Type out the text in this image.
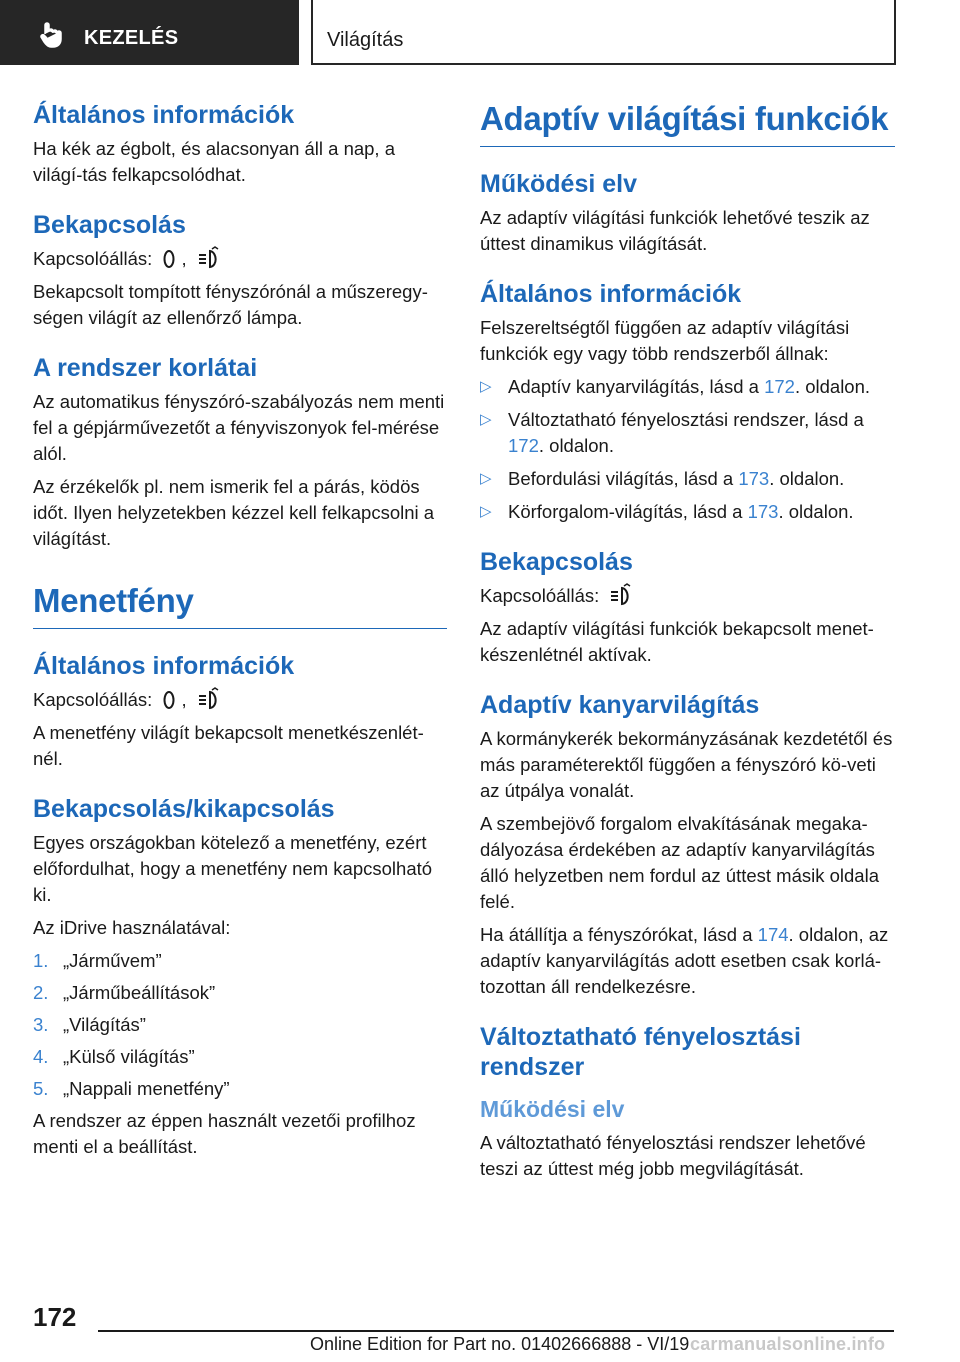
KEZELÉS	Világítás
Általános információk

Ha kék az égbolt, és alacsonyan áll a nap, a világí‐tás felkapcsolódhat.

Bekapcsolás

Kapcsolóállás: ,

Bekapcsolt tompított fényszórónál a műszeregy‐ségen világít az ellenőrző lámpa.

A rendszer korlátai

Az automatikus fényszóró-szabályozás nem menti fel a gépjárművezetőt a fényviszonyok fel‐mérése alól.

Az érzékelők pl. nem ismerik fel a párás, ködös időt. Ilyen helyzetekben kézzel kell felkapcsolni a világítást.

Menetfény
Általános információk

Kapcsolóállás: ,

A menetfény világít bekapcsolt menetkészenlét‐nél.

Bekapcsolás/kikapcsolás

Egyes országokban kötelező a menetfény, ezért előfordulhat, hogy a menetfény nem kapcsolható ki.

Az iDrive használatával:

1. „Járművem”
2. „Járműbeállítások”
3. „Világítás”
4. „Külső világítás”
5. „Nappali menetfény”

A rendszer az éppen használt vezetői profilhoz menti el a beállítást.

Adaptív világítási funkciók
Működési elv

Az adaptív világítási funkciók lehetővé teszik az úttest dinamikus világítását.

Általános információk

Felszereltségtől függően az adaptív világítási funkciók egy vagy több rendszerből állnak:

▷ Adaptív kanyarvilágítás, lásd a 172. oldalon.
▷ Változtatható fényelosztási rendszer, lásd a 172. oldalon.
▷ Befordulási világítás, lásd a 173. oldalon.
▷ Körforgalom-világítás, lásd a 173. oldalon.
Bekapcsolás

Kapcsolóállás:

Az adaptív világítási funkciók bekapcsolt menet‐készenlétnél aktívak.

Adaptív kanyarvilágítás

A kormánykerék bekormányzásának kezdetétől és más paraméterektől függően a fényszóró kö‐veti az útpálya vonalát.

A szembejövő forgalom elvakításának megaka‐dályozása érdekében az adaptív kanyarvilágítás álló helyzetben nem fordul az úttest másik oldala felé.

Ha átállítja a fényszórókat, lásd a 174. oldalon, az adaptív kanyarvilágítás adott esetben csak korlá‐tozottan áll rendelkezésre.

Változtatható fényelosztási rendszer
Működési elv

A változtatható fényelosztási rendszer lehetővé teszi az úttest még jobb megvilágítását.

172
Online Edition for Part no. 01402666888 - VI/19 carmanualsonline.info
